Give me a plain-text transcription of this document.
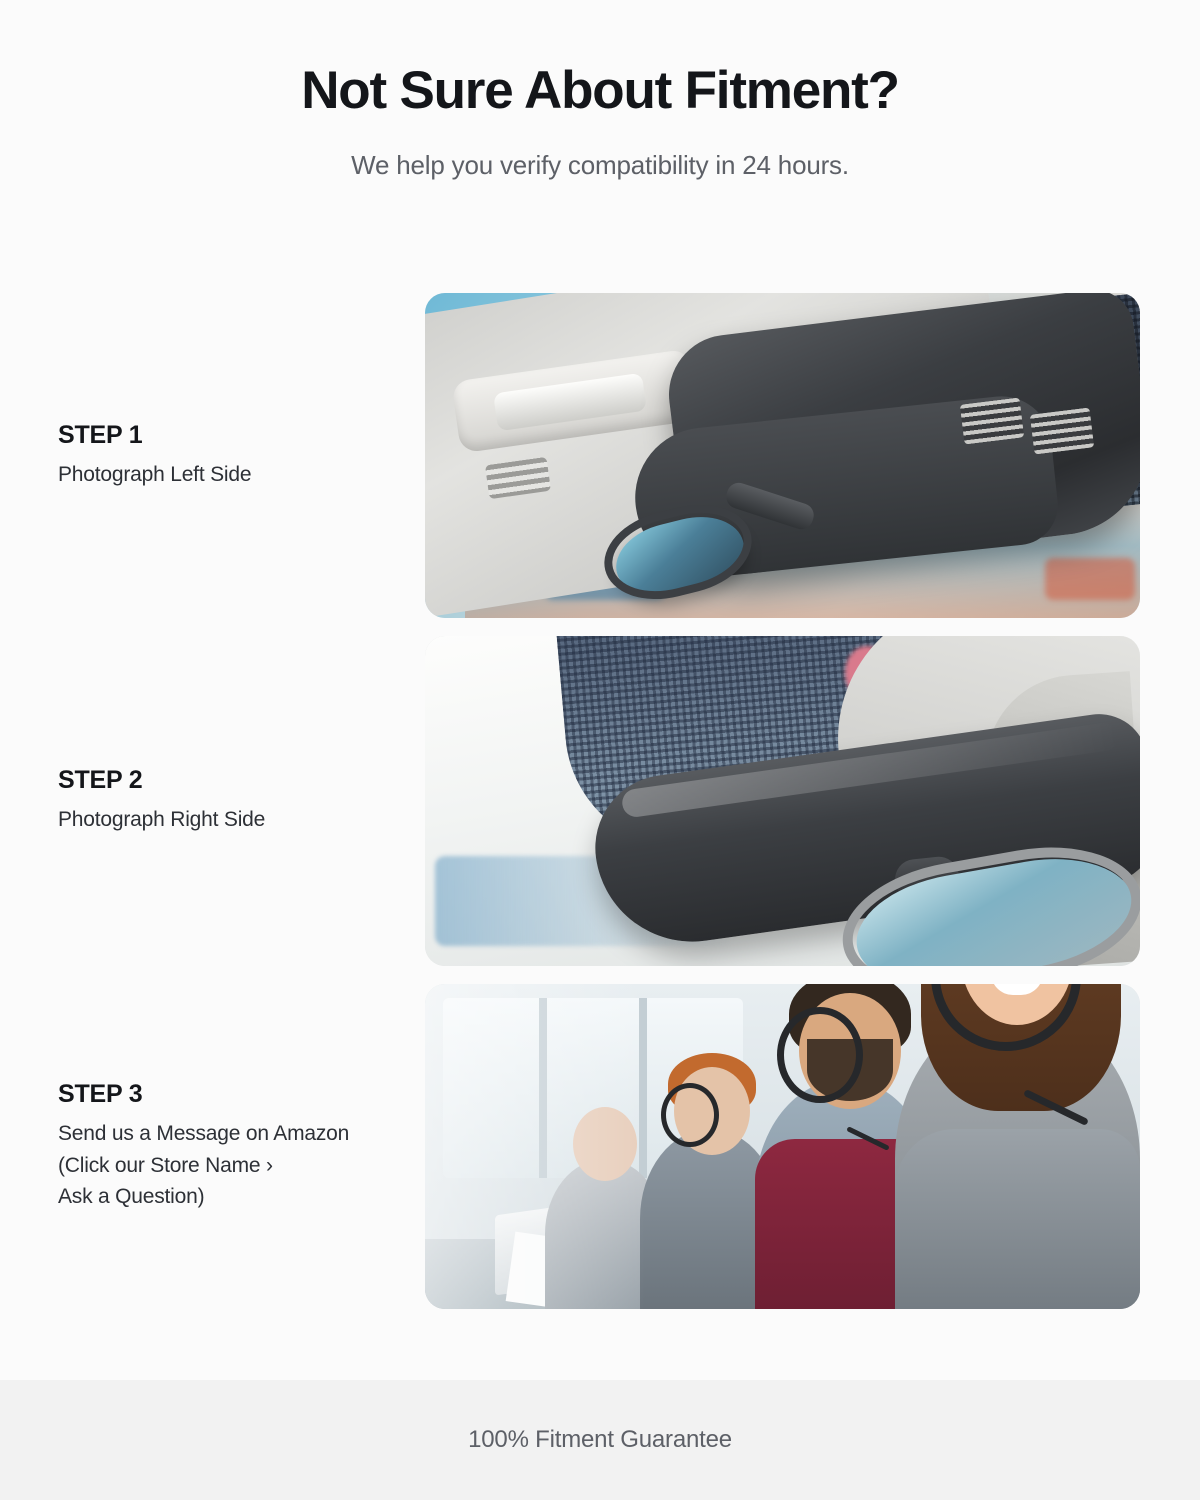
Not Sure About Fitment?

We help you verify compatibility in 24 hours.

STEP 1
Photograph Left Side
STEP 2
Photograph Right Side
STEP 3
Send us a Message on Amazon
(Click our Store Name ›
Ask a Question)
100% Fitment Guarantee
